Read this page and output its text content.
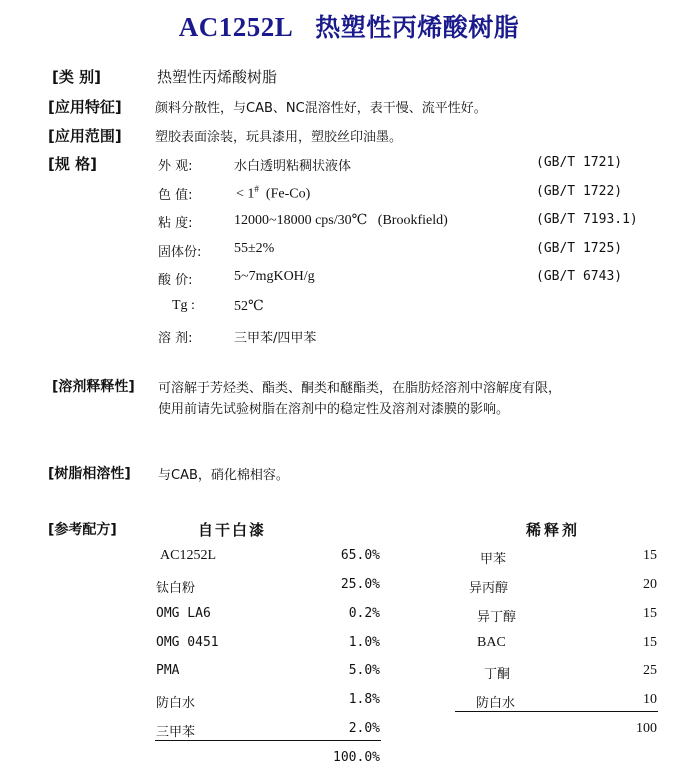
AC1252L 热塑性丙烯酸树脂
[类 别]	热塑性丙烯酸树脂
[应用特征]	颜料分散性，与CAB、NC混溶性好，表干慢、流平性好。
[应用范围]	塑胶表面涂装，玩具漆用，塑胶丝印油墨。
[规 格]	外 观:	水白透明粘稠状液体	(GB/T 1721)
色 值:	< 1# (Fe-Co)	(GB/T 1722)
粘 度:	12000~18000 cps/30℃   (Brookfield)	(GB/T 7193.1)
固体份: 55±2%	(GB/T 1725)
酸 价:	5~7mgKOH/g	(GB/T 6743)
Tg :	52℃
溶 剂:	三甲苯/四甲苯
[溶剂释释性] 可溶解于芳烃类、酯类、酮类和醚酯类，在脂肪烃溶剂中溶解度有限，
使用前请先试验树脂在溶剂中的稳定性及溶剂对漆膜的影响。
[树脂相溶性] 与CAB，硝化棉相容。
[参考配方]	自干白漆	稀释剂
AC1252L	65.0%
钛白粉	25.0%
OMG LA6	0.2%
OMG 0451	1.0%
PMA	5.0%
防白水	1.8%
三甲苯	2.0%
100.0%
甲苯	15
异丙醇	20
异丁醇	15
BAC	15
丁酮	25
防白水	10
100
